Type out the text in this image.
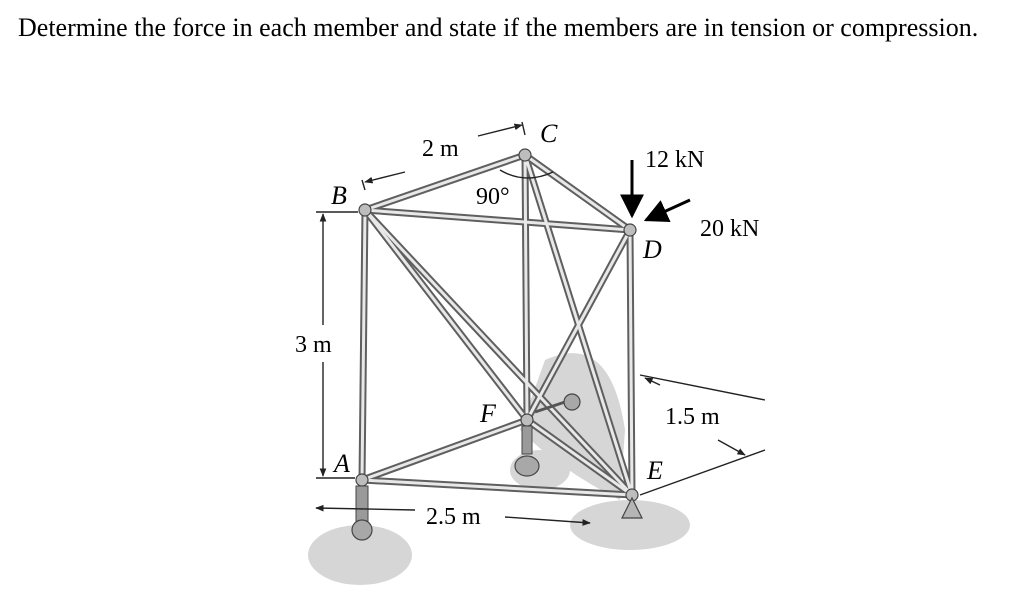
Determine the force in each member and state if the members are in tension or compression.
2 m
C
12 kN
B	90°
20 kN
D
3 m
F	1.5 m
A	E
2.5 m
